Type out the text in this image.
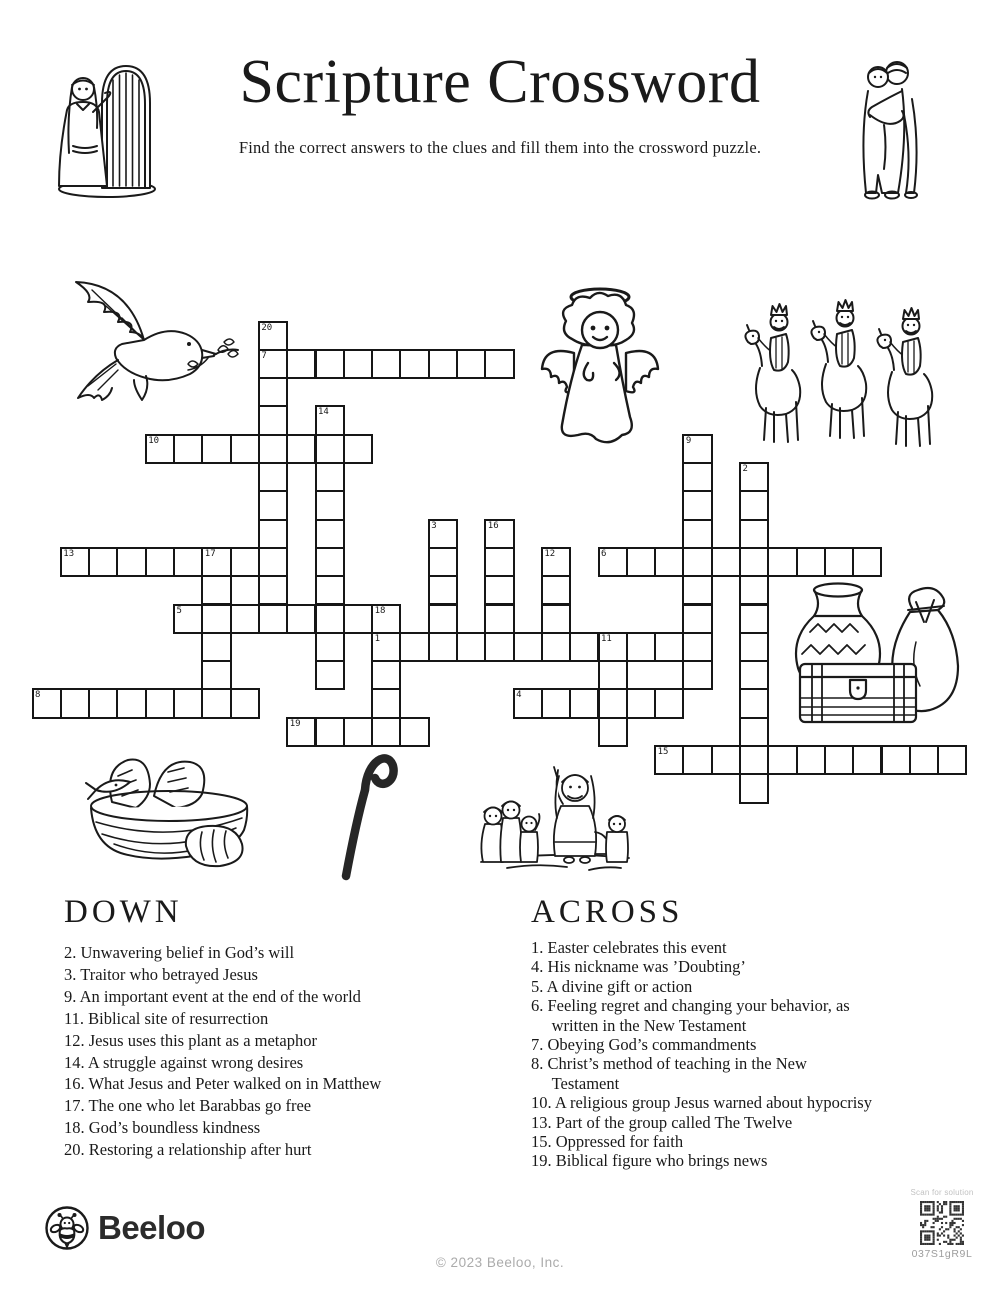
Scripture Crossword

Find the correct answers to the clues and fill them into the crossword puzzle.

20
7
14
10	9
2
3	16
13	17	12	6
5	18
1	11
8	4
19
15
DOWN
2. Unwavering belief in God’s will
3. Traitor who betrayed Jesus
9. An important event at the end of the world
11. Biblical site of resurrection
12. Jesus uses this plant as a metaphor
14. A struggle against wrong desires
16. What Jesus and Peter walked on in Matthew
17. The one who let Barabbas go free
18. God’s boundless kindness
20. Restoring a relationship after hurt
ACROSS
1. Easter celebrates this event
4. His nickname was ’Doubting’
5. A divine gift or action
6. Feeling regret and changing your behavior, as
written in the New Testament
7. Obeying God’s commandments
8. Christ’s method of teaching in the New
Testament
10. A religious group Jesus warned about hypocrisy
13. Part of the group called The Twelve
15. Oppressed for faith
19. Biblical figure who brings news
Beeloo
© 2023 Beeloo, Inc.
Scan for solution
037S1gR9L
